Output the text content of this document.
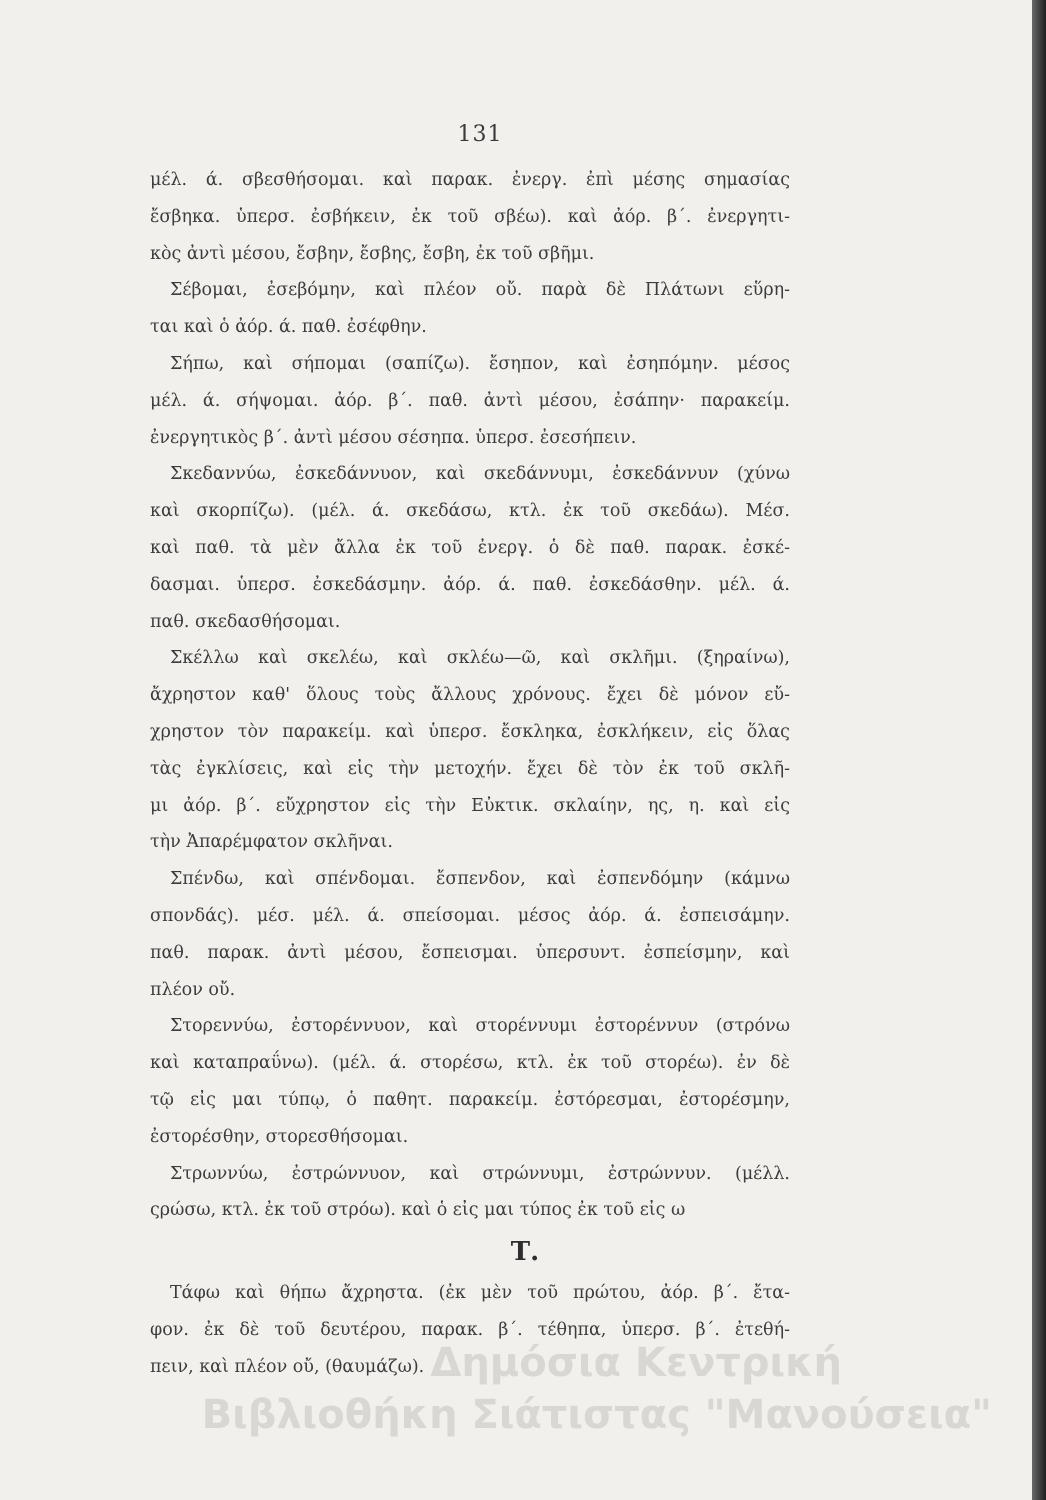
131
μέλ. ά. σβεσθήσομαι. καὶ παρακ. ἐνεργ. ἐπὶ μέσης σημασίας
ἔσβηκα. ὑπερσ. ἐσβήκειν, ἐκ τοῦ σβέω). καὶ ἀόρ. β΄. ἐνεργητι-
κὸς ἀντὶ μέσου, ἔσβην, ἔσβης, ἔσβη, ἐκ τοῦ σβῆμι.
Σέβομαι, ἐσεβόμην, καὶ πλέον οὔ. παρὰ δὲ Πλάτωνι εὕρη-
ται καὶ ὁ ἀόρ. ά. παθ. ἐσέφθην.
Σήπω, καὶ σήπομαι (σαπίζω). ἔσηπον, καὶ ἐσηπόμην. μέσος
μέλ. ά. σήψομαι. ἀόρ. β΄. παθ. ἀντὶ μέσου, ἐσάπην· παρακείμ.
ἐνεργητικὸς β΄. ἀντὶ μέσου σέσηπα. ὑπερσ. ἐσεσήπειν.
Σκεδαννύω, ἐσκεδάννυον, καὶ σκεδάννυμι, ἐσκεδάννυν (χύνω
καὶ σκορπίζω). (μέλ. ά. σκεδάσω, κτλ. ἐκ τοῦ σκεδάω). Μέσ.
καὶ παθ. τὰ μὲν ἄλλα ἐκ τοῦ ἐνεργ. ὁ δὲ παθ. παρακ. ἐσκέ-
δασμαι. ὑπερσ. ἐσκεδάσμην. ἀόρ. ά. παθ. ἐσκεδάσθην. μέλ. ά.
παθ. σκεδασθήσομαι.
Σκέλλω καὶ σκελέω, καὶ σκλέω—ῶ, καὶ σκλῆμι. (ξηραίνω),
ἄχρηστον καθ' ὅλους τοὺς ἄλλους χρόνους. ἔχει δὲ μόνον εὔ-
χρηστον τὸν παρακείμ. καὶ ὑπερσ. ἔσκληκα, ἐσκλήκειν, εἰς ὅλας
τὰς ἐγκλίσεις, καὶ εἰς τὴν μετοχήν. ἔχει δὲ τὸν ἐκ τοῦ σκλῆ-
μι ἀόρ. β΄. εὔχρηστον εἰς τὴν Εὐκτικ. σκλαίην, ης, η. καὶ εἰς
τὴν Ἀπαρέμφατον σκλῆναι.
Σπένδω, καὶ σπένδομαι. ἔσπενδον, καὶ ἐσπενδόμην (κάμνω
σπονδάς). μέσ. μέλ. ά. σπείσομαι. μέσος ἀόρ. ά. ἐσπεισάμην.
παθ. παρακ. ἀντὶ μέσου, ἔσπεισμαι. ὑπερσυντ. ἐσπείσμην, καὶ
πλέον οὔ.
Στορεννύω, ἐστορέννυον, καὶ στορέννυμι ἐστορέννυν (στρόνω
καὶ καταπραΰνω). (μέλ. ά. στορέσω, κτλ. ἐκ τοῦ στορέω). ἐν δὲ
τῷ εἰς μαι τύπῳ, ὁ παθητ. παρακείμ. ἐστόρεσμαι, ἐστορέσμην,
ἐστορέσθην, στορεσθήσομαι.
Στρωννύω, ἐστρώννυον, καὶ στρώννυμι, ἐστρώννυν. (μέλλ.
ςρώσω, κτλ. ἐκ τοῦ στρόω). καὶ ὁ εἰς μαι τύπος ἐκ τοῦ εἰς ω
Τ.
Τάφω καὶ θήπω ἄχρηστα. (ἐκ μὲν τοῦ πρώτου, ἀόρ. β΄. ἔτα-
φον. ἐκ δὲ τοῦ δευτέρου, παρακ. β΄. τέθηπα, ὑπερσ. β΄. ἐτεθή-
πειν, καὶ πλέον οὔ, (θαυμάζω). Δημόσια Κεντρική
Βιβλιοθήκη Σιάτιστας "Μανούσεια"
